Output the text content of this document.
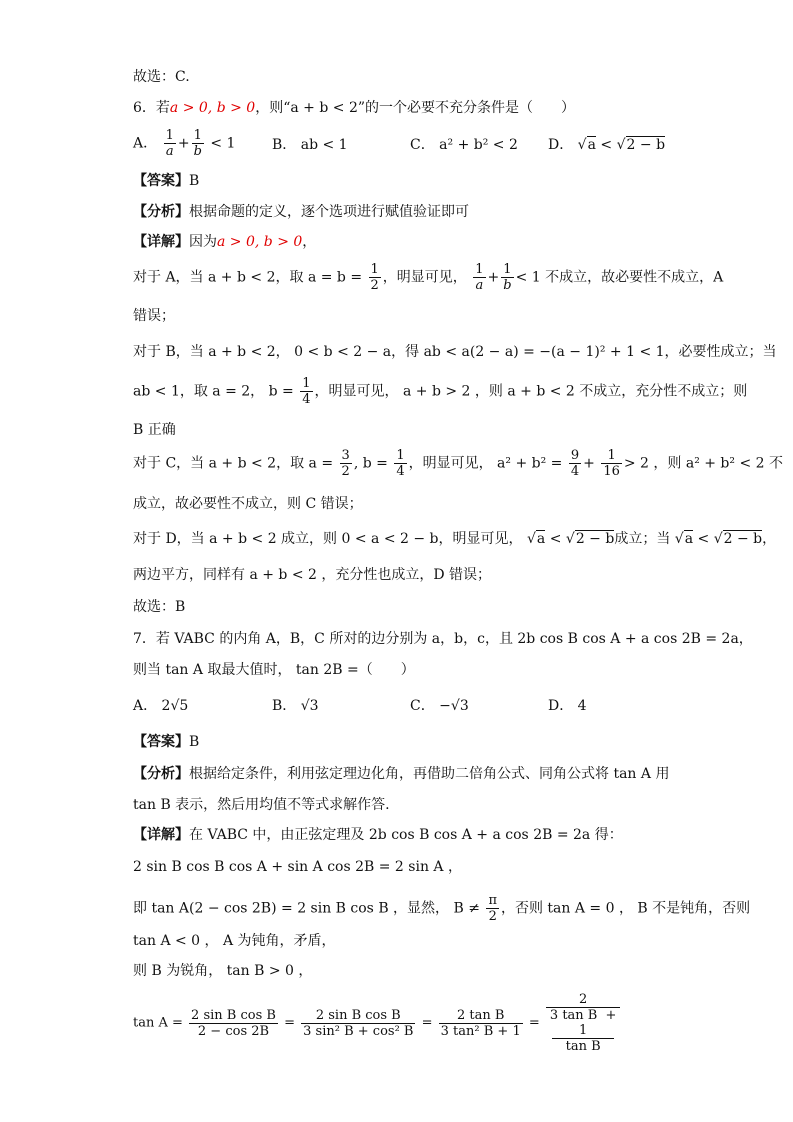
故选：C.
6．若a > 0, b > 0，则“a + b < 2”的一个必要不充分条件是（　　）
A． $\frac{1}{a} + \frac{1}{b} < 1$	B． ab < 1	C． a² + b² < 2 D． √a < √2 − b
【答案】B
【分析】根据命题的定义，逐个选项进行赋值验证即可
【详解】因为a > 0, b > 0，
对于 A，当 a + b < 2，取 $a = b = \frac{1}{2}$ ，明显可见， $\frac{1}{a} + \frac{1}{b} < 1$ 不成立，故必要性不成立，A
错误；
对于 B，当 a + b < 2， 0 < b < 2 − a，得 ab < a(2 − a) = −(a − 1)² + 1 < 1，必要性成立；当
ab < 1，取 a = 2， $b = \frac{1}{4}$ ，明显可见， a + b > 2 ，则 a + b < 2 不成立，充分性不成立；则
B 正确
对于 C，当 a + b < 2，取 $a = \frac{3}{2}$ , $b = \frac{1}{4}$ ，明显可见， $a^2 + b^2 = \frac{9}{4} + \frac{1}{16} > 2$ ，则 a² + b² < 2 不
成立，故必要性不成立，则 C 错误；
对于 D，当 a + b < 2 成立，则 0 < a < 2 − b，明显可见， √a < √2 − b成立；当 √a < √2 − b，
两边平方，同样有 a + b < 2 ，充分性也成立，D 错误；
故选：B
7．若 VABC 的内角 A，B，C 所对的边分别为 a，b，c，且 2b cos B cos A + a cos 2B = 2a，
则当 tan A 取最大值时， tan 2B =（　　）
A． 2√5	B． √3	C． −√3	D． 4
【答案】B
【分析】根据给定条件，利用弦定理边化角，再借助二倍角公式、同角公式将 tan A 用
tan B 表示，然后用均值不等式求解作答.
【详解】在 VABC 中，由正弦定理及 2b cos B cos A + a cos 2B = 2a 得：
2 sin B cos B cos A + sin A cos 2B = 2 sin A ，
即 tan A(2 − cos 2B) = 2 sin B cos B ，显然， $B \ne \frac{\pi}{2}$ ，否则 tan A = 0 ， B 不是钝角，否则
tan A < 0 ， A 为钝角，矛盾，
则 B 为锐角， tan B > 0 ，
$\tan A = \frac{\text{2 sin B cos B}}{2 - \cos 2B} = \frac{\text{2 sin B cos B}}{\text{3 sin² B + cos² B}} = \frac{\text{2 tan B}}{\text{3 tan² B + 1}} = 2$
3 tan B +
1
tan B
